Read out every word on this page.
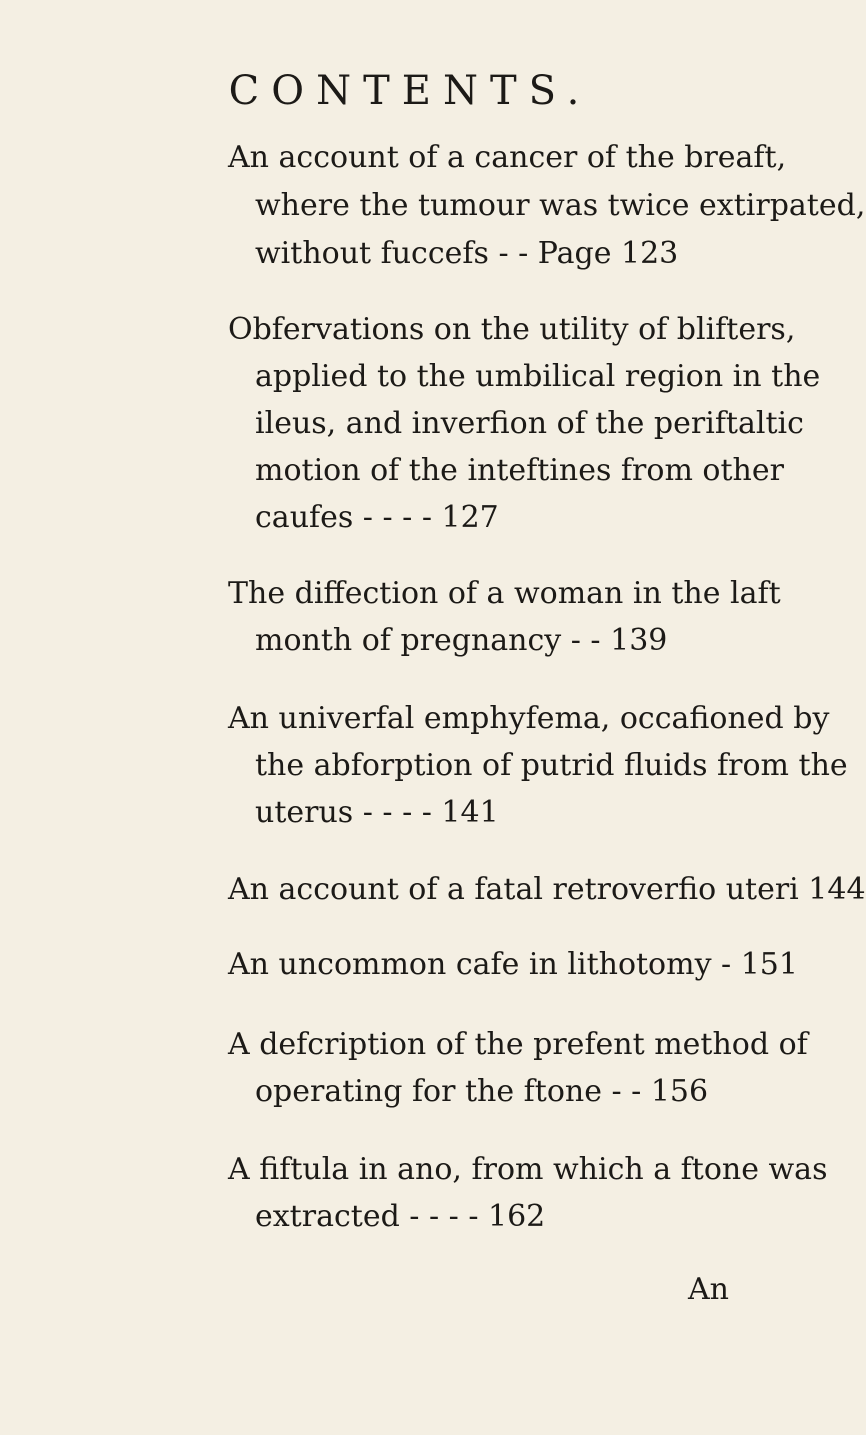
CONTENTS.
An account of a cancer of the breaft,
where the tumour was twice extirpated,
without fuccefs - - Page 123
Obfervations on the utility of blifters,
applied to the umbilical region in the
ileus, and inverfion of the periftaltic
motion of the inteftines from other
caufes - - - - 127
The diffection of a woman in the laft
month of pregnancy - - 139
An univerfal emphyfema, occafioned by
the abforption of putrid fluids from the
uterus - - - - 141
An account of a fatal retroverfio uteri 144
An uncommon cafe in lithotomy - 151
A defcription of the prefent method of
operating for the ftone - - 156
A fiftula in ano, from which a ftone was
extracted - - - - 162
An
